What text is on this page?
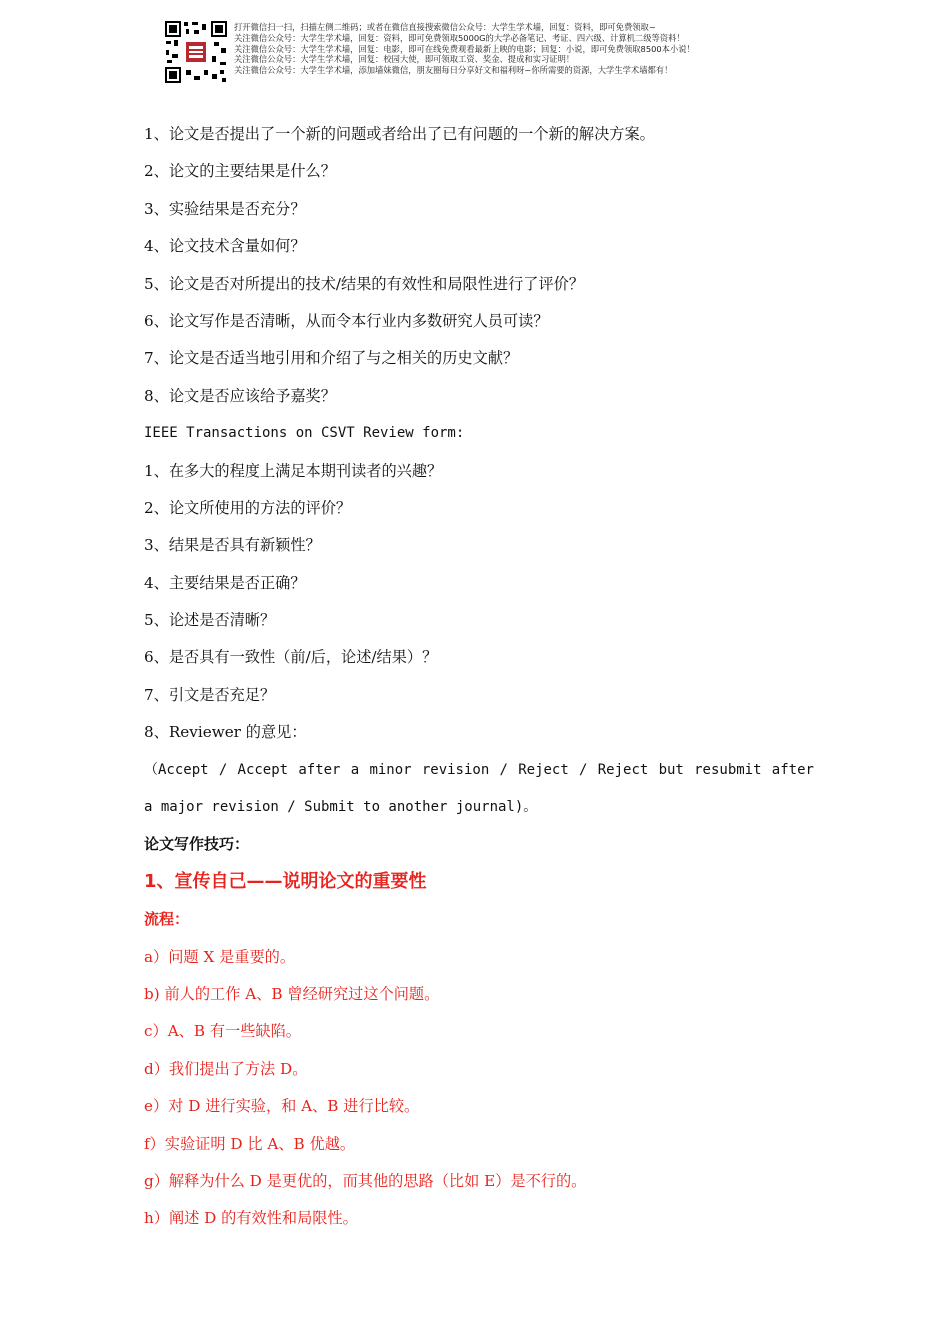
打开微信扫一扫，扫描左侧二维码；或者在微信直接搜索微信公众号：大学生学术墙，回复：资料，即可免费领取~
关注微信公众号：大学生学术墙，回复：资料，即可免费领取5000G的大学必备笔记、考证、四六级、计算机二级等资料！
关注微信公众号：大学生学术墙，回复：电影，即可在线免费观看最新上映的电影；回复：小说，即可免费领取8500本小说！
关注微信公众号：大学生学术墙，回复：校园大使，即可领取工资、奖金、提成和实习证明！
关注微信公众号：大学生学术墙，添加墙妹微信，朋友圈每日分享好文和福利呀~你所需要的资源，大学生学术墙都有！
1、论文是否提出了一个新的问题或者给出了已有问题的一个新的解决方案。
2、论文的主要结果是什么？
3、实验结果是否充分？
4、论文技术含量如何？
5、论文是否对所提出的技术/结果的有效性和局限性进行了评价？
6、论文写作是否清晰，从而令本行业内多数研究人员可读？
7、论文是否适当地引用和介绍了与之相关的历史文献？
8、论文是否应该给予嘉奖？
IEEE Transactions on CSVT Review form:
1、在多大的程度上满足本期刊读者的兴趣？
2、论文所使用的方法的评价？
3、结果是否具有新颖性？
4、主要结果是否正确？
5、论述是否清晰？
6、是否具有一致性（前/后，论述/结果）？
7、引文是否充足？
8、Reviewer 的意见：
（Accept / Accept after a minor revision / Reject / Reject but resubmit after
a major revision / Submit to another journal)。
论文写作技巧：
1、宣传自己——说明论文的重要性
流程：
a）问题 X 是重要的。
b) 前人的工作 A、B 曾经研究过这个问题。
c）A、B 有一些缺陷。
d）我们提出了方法 D。
e）对 D 进行实验，和 A、B 进行比较。
f）实验证明 D 比 A、B 优越。
g）解释为什么 D 是更优的，而其他的思路（比如 E）是不行的。
h）阐述 D 的有效性和局限性。
